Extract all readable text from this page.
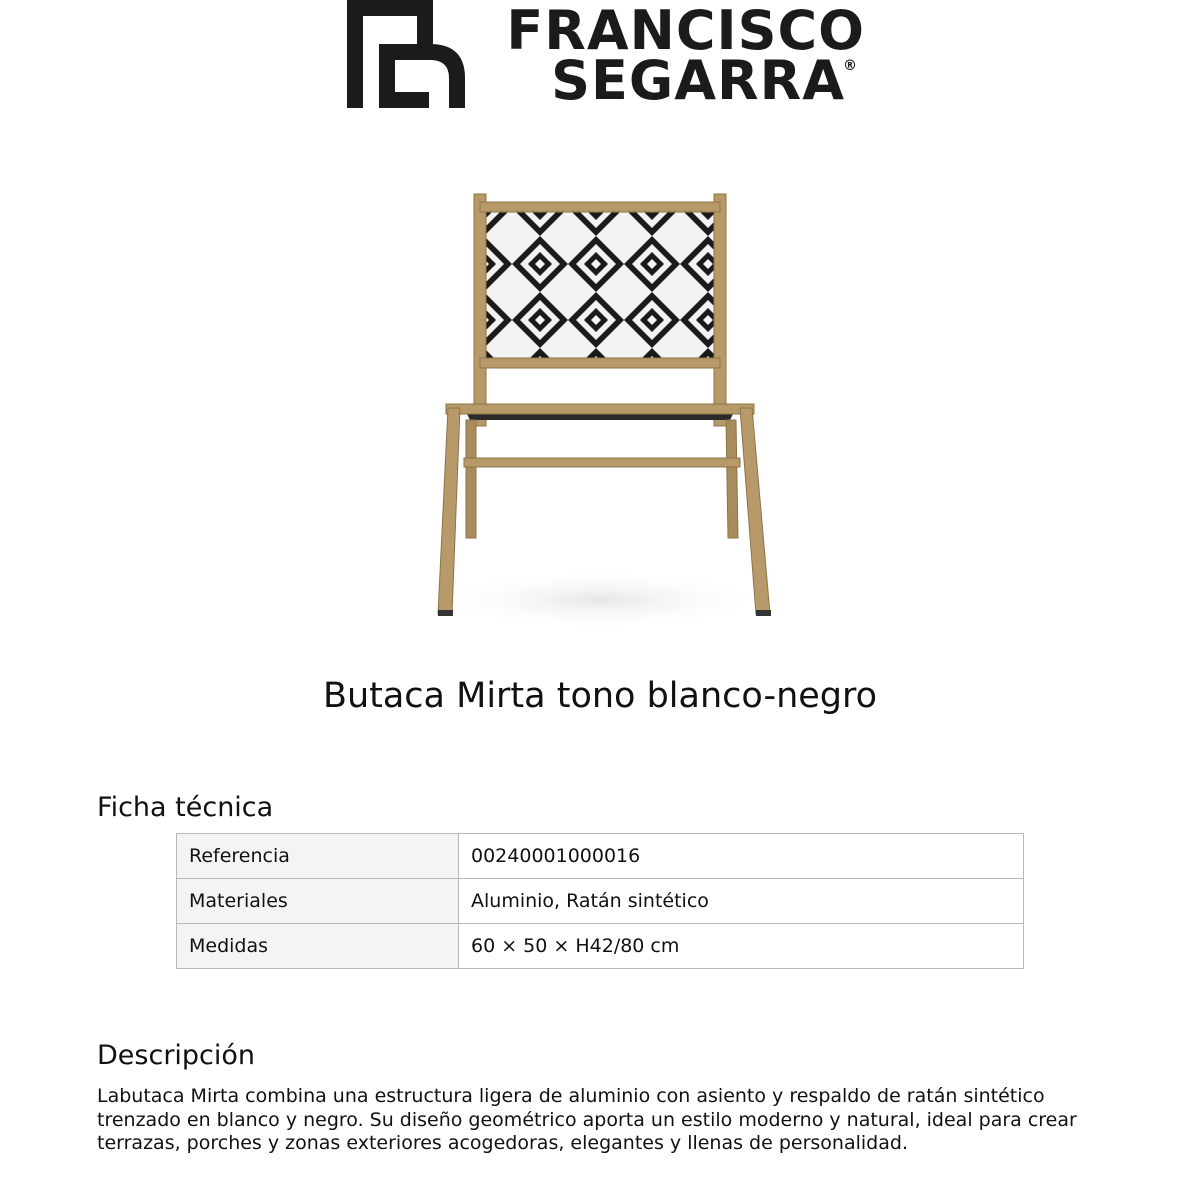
FRANCISCO
SEGARRA
®
Butaca Mirta tono blanco-negro
Ficha técnica
Referencia	00240001000016
Materiales	Aluminio, Ratán sintético
Medidas	60 × 50 × H42/80 cm
Descripción

Labutaca Mirta combina una estructura ligera de aluminio con asiento y respaldo de ratán sintético trenzado en blanco y negro. Su diseño geométrico aporta un estilo moderno y natural, ideal para crear terrazas, porches y zonas exteriores acogedoras, elegantes y llenas de personalidad.
